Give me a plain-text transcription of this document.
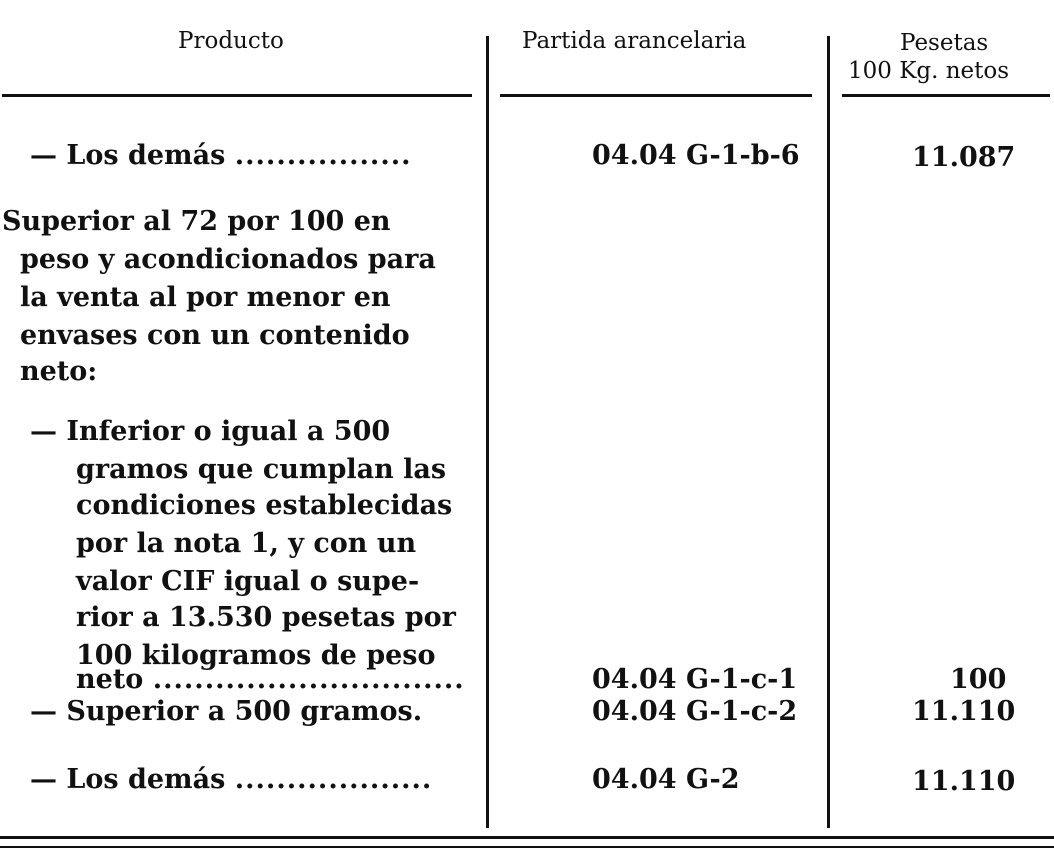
Producto	Partida arancelaria	Pesetas
100 Kg. netos
— Los demás .................	04.04 G-1-b-6	11.087
Superior al 72 por 100 en
peso y acondicionados para
la venta al por menor en
envases con un contenido
neto:
— Inferior o igual a 500
gramos que cumplan las
condiciones establecidas
por la nota 1, y con un
valor CIF igual o supe-
rior a 13.530 pesetas por
100 kilogramos de peso
neto ..............................	04.04 G-1-c-1	100
— Superior a 500 gramos.	04.04 G-1-c-2	11.110
— Los demás ...................	04.04 G-2	11.110
